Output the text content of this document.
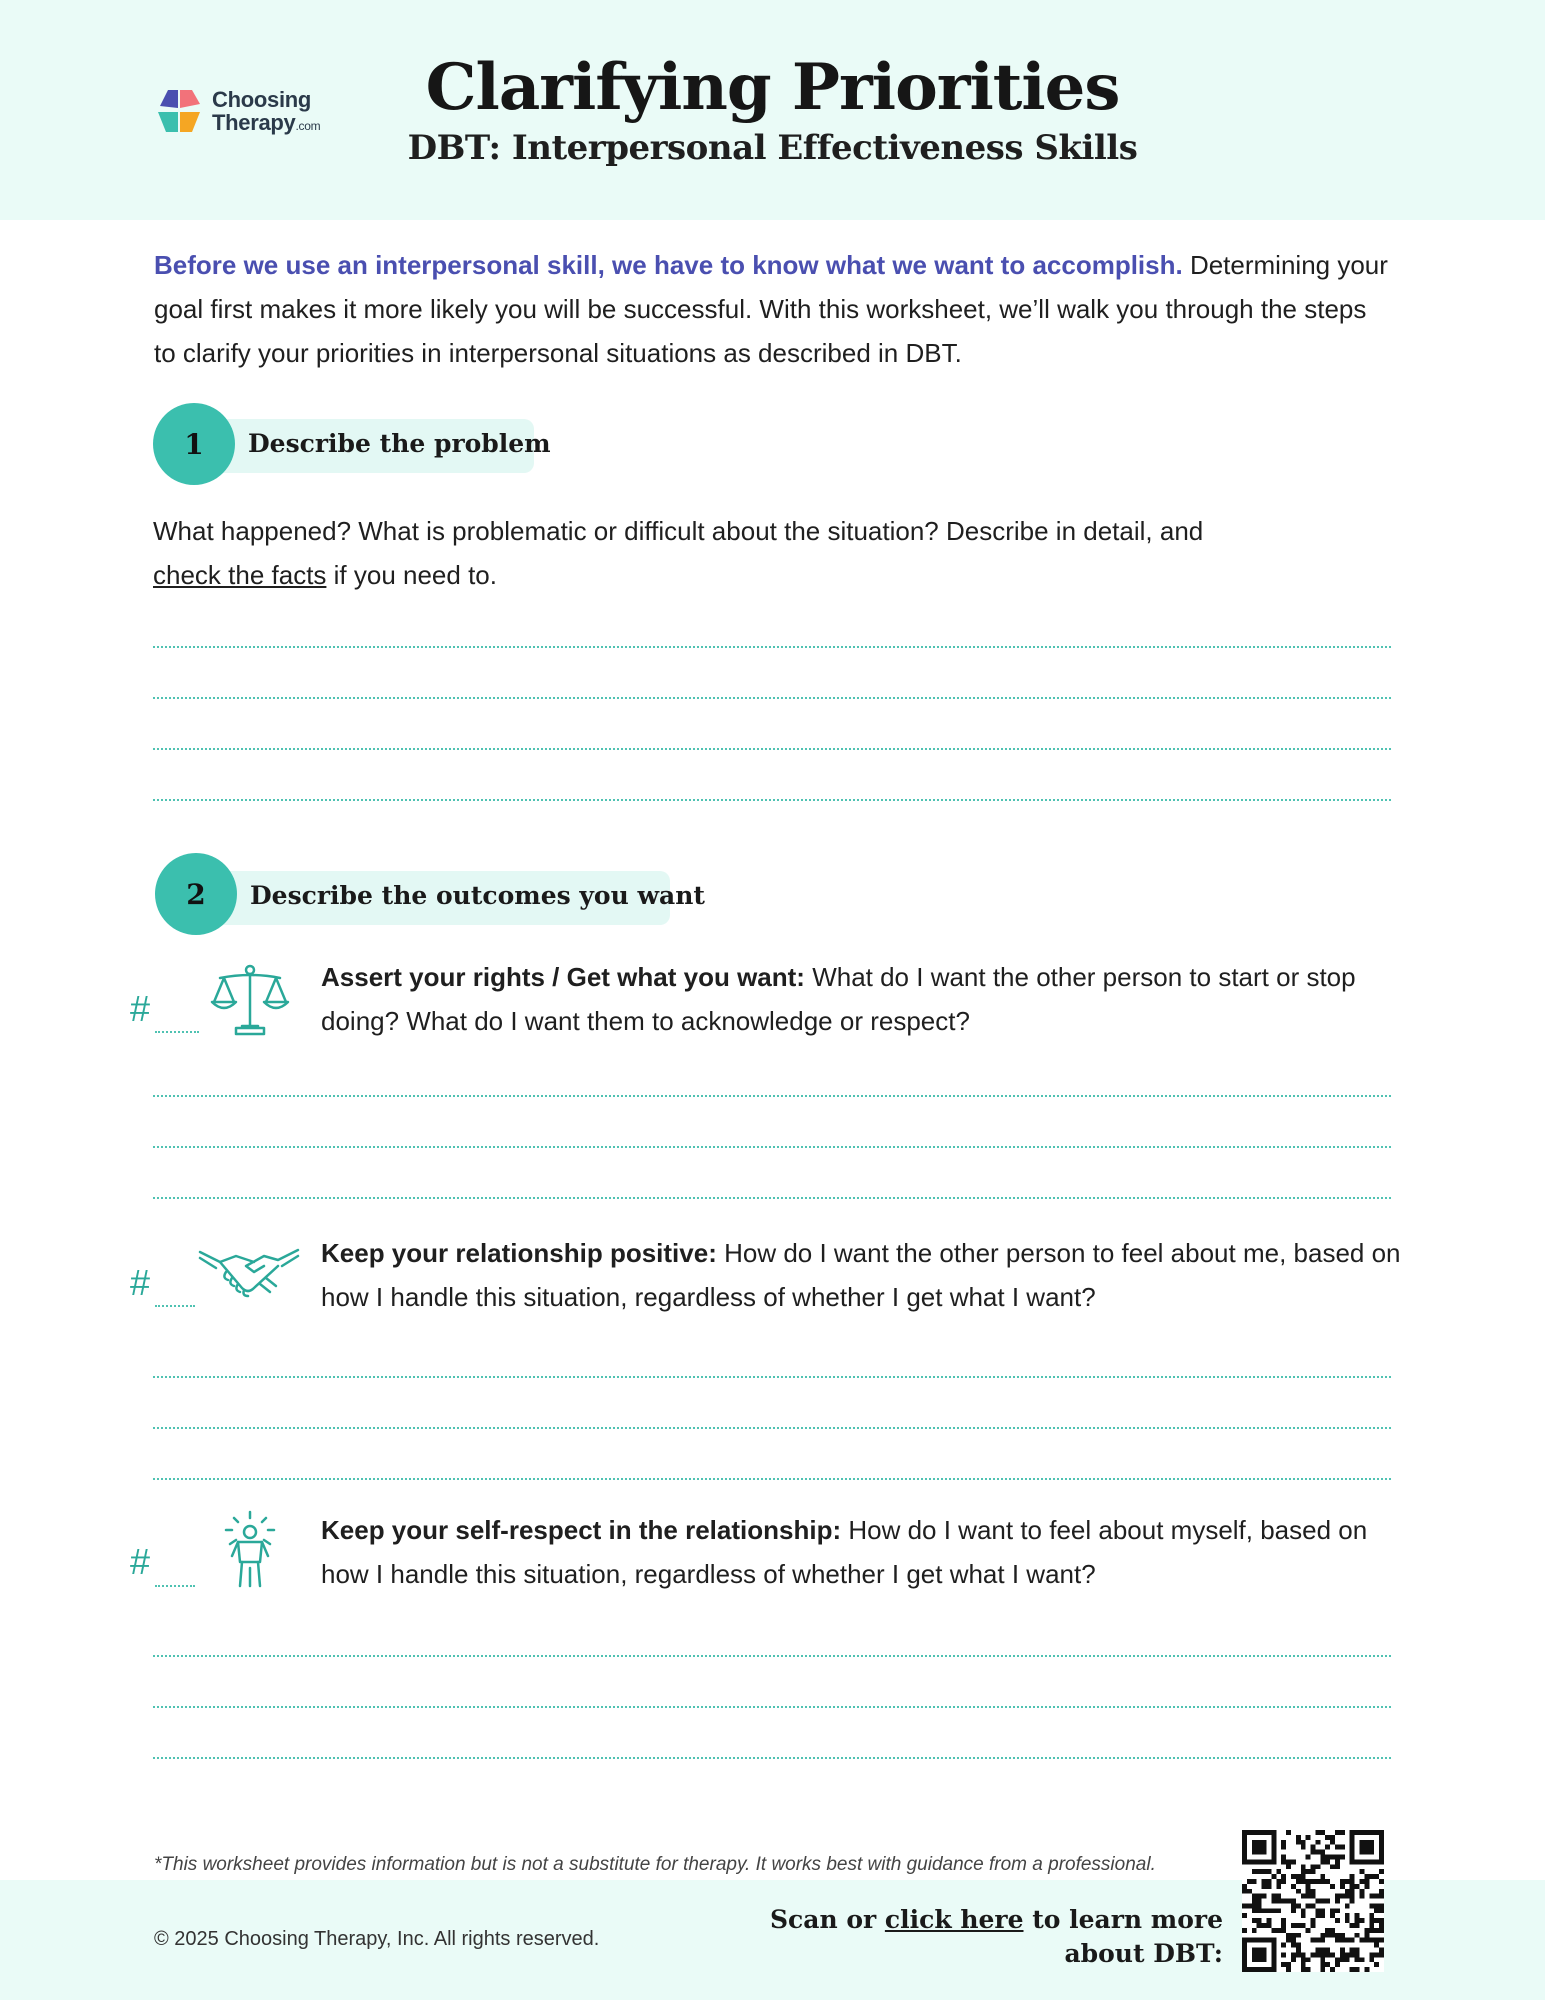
Choosing
Therapy.com
Clarifying Priorities
DBT: Interpersonal Effectiveness Skills
Before we use an interpersonal skill, we have to know what we want to accomplish. Determining your goal first makes it more likely you will be successful. With this worksheet, we’ll walk you through the steps to clarify your priorities in interpersonal situations as described in DBT.
1	Describe the problem
What happened? What is problematic or difficult about the situation? Describe in detail, and
check the facts if you need to.
2	Describe the outcomes you want
#
Assert your rights / Get what you want: What do I want the other person to start or stop doing? What do I want them to acknowledge or respect?
#
Keep your relationship positive: How do I want the other person to feel about me, based on how I handle this situation, regardless of whether I get what I want?
#
Keep your self-respect in the relationship: How do I want to feel about myself, based on how I handle this situation, regardless of whether I get what I want?
*This worksheet provides information but is not a substitute for therapy. It works best with guidance from a professional.
© 2025 Choosing Therapy, Inc. All rights reserved.
Scan or click here to learn more
about DBT:
